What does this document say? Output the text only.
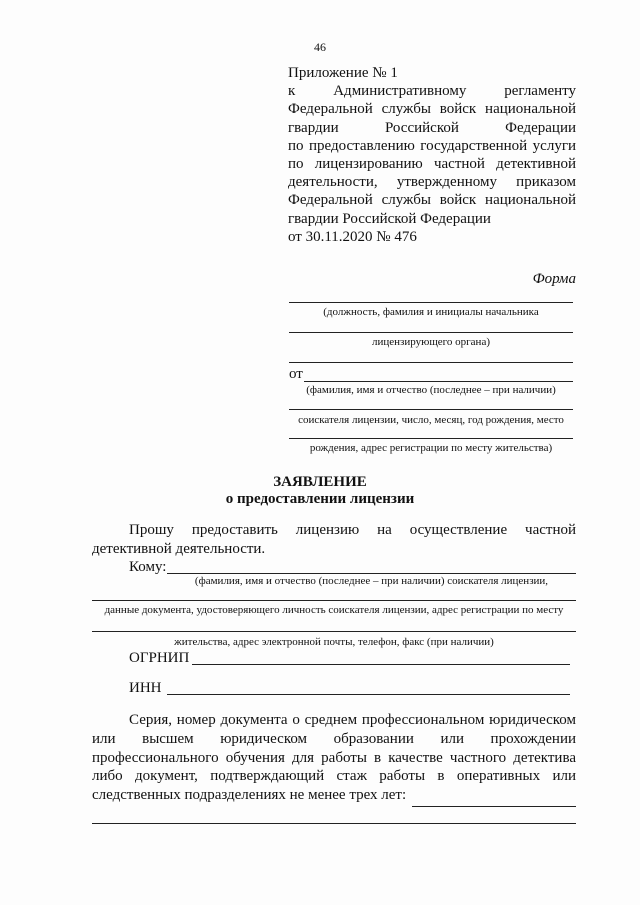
46
Приложение № 1
к Административному регламенту
Федеральной службы войск национальной
гвардии Российской Федерации
по предоставлению государственной услуги
по лицензированию частной детективной
деятельности, утвержденному приказом
Федеральной службы войск национальной
гвардии Российской Федерации
от 30.11.2020 № 476
Форма
(должность, фамилия и инициалы начальника
лицензирующего органа)
от
(фамилия, имя и отчество (последнее – при наличии)
соискателя лицензии, число, месяц, год рождения, место
рождения, адрес регистрации по месту жительства)
ЗАЯВЛЕНИЕ
о предоставлении лицензии
Прошу предоставить лицензию на осуществление частной
детективной деятельности.
Кому:
(фамилия, имя и отчество (последнее – при наличии) соискателя лицензии,
данные документа, удостоверяющего личность соискателя лицензии, адрес регистрации по месту
жительства, адрес электронной почты, телефон, факс (при наличии)
ОГРНИП
ИНН
Серия, номер документа о среднем профессиональном юридическом
или высшем юридическом образовании или прохождении
профессионального обучения для работы в качестве частного детектива
либо документ, подтверждающий стаж работы в оперативных или
следственных подразделениях не менее трех лет:
